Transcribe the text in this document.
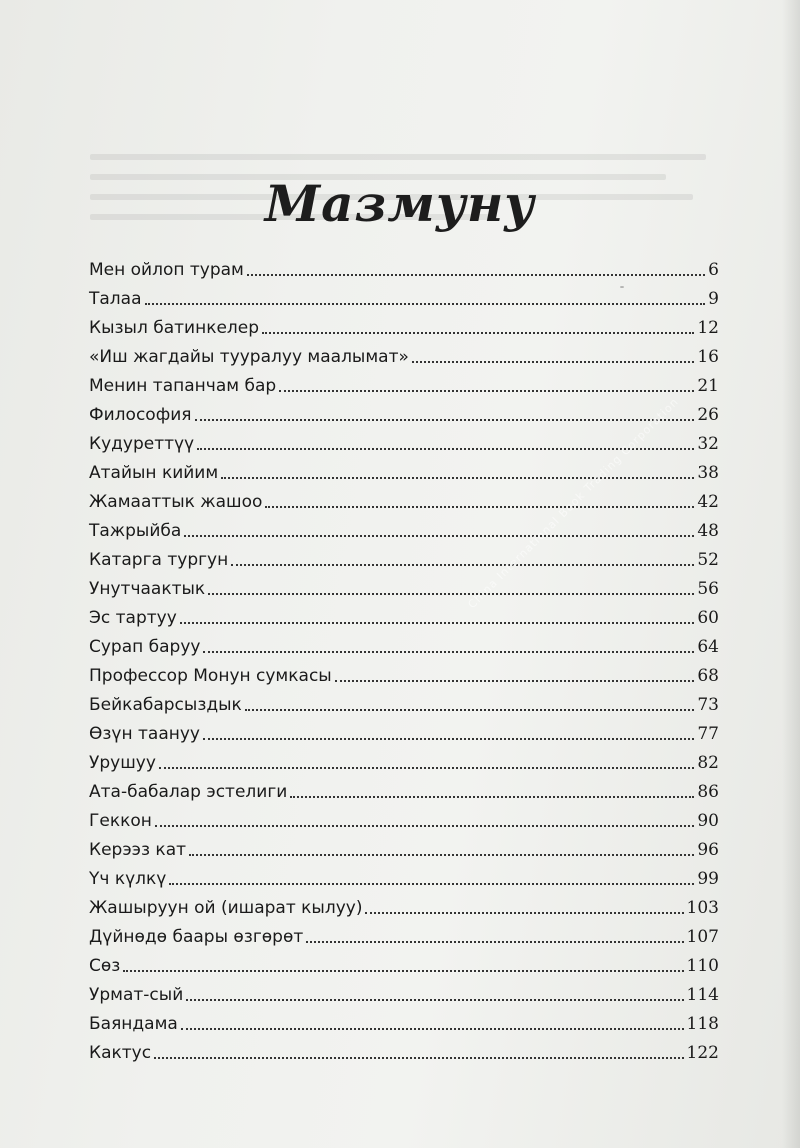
Мазмуну
Мен ойлоп турам	6
Талаа	9
Кызыл батинкелер	12
«Иш жагдайы тууралуу маалымат»	16
Менин тапанчам бар	21
Философия	26
Кудуреттүү	32
Атайын кийим	38
Жамааттык жашоо	42
Тажрыйба	48
Катарга тургун	52
Унутчаактык	56
Эс тартуу	60
Сурап баруу	64
Профессор Монун сумкасы	68
Бейкабарсыздык	73
Өзүн таануу	77
Урушуу	82
Ата-бабалар эстелиги	86
Геккон	90
Керээз кат	96
Үч күлкү	99
Жашыруун ой (ишарат кылуу)	103
Дүйнөдө баары өзгөрөт	107
Сөз	110
Урмат-сый	114
Баяндама	118
Кактус	122
China International Book Trading Corporation
